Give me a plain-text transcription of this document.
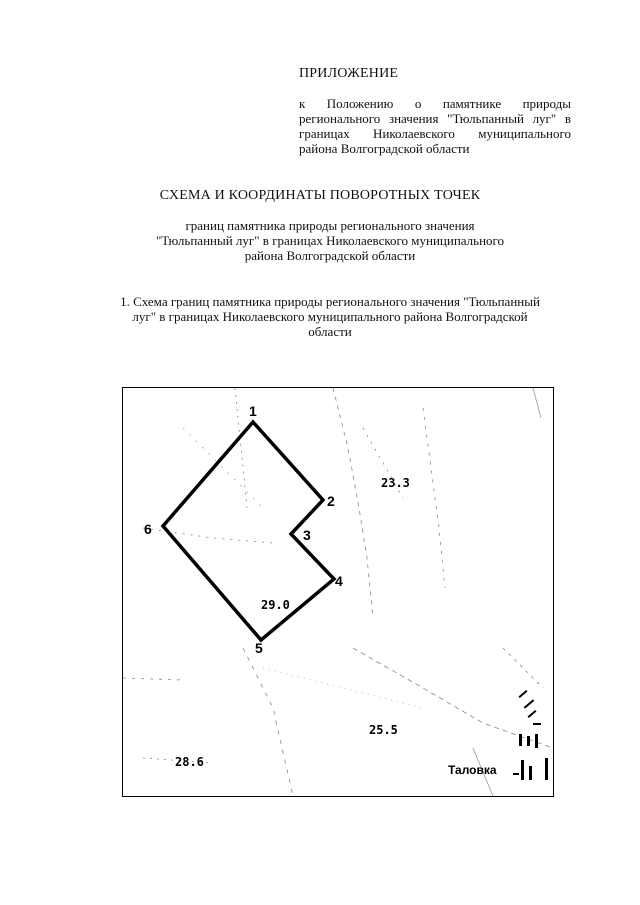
ПРИЛОЖЕНИЕ

к Положению о памятнике природы регионального значения "Тюльпанный луг" в границах Николаевского муниципального района Волгоградской области

СХЕМА И КООРДИНАТЫ ПОВОРОТНЫХ ТОЧЕК

границ памятника природы регионального значения "Тюльпанный луг" в границах Николаевского муниципального района Волгоградской области

1. Схема границ памятника природы регионального значения "Тюльпанный луг" в границах Николаевского муниципального района Волгоградской области

1
2
3
4
5
6
23.3
29.0
25.5
28.6
Таловка
